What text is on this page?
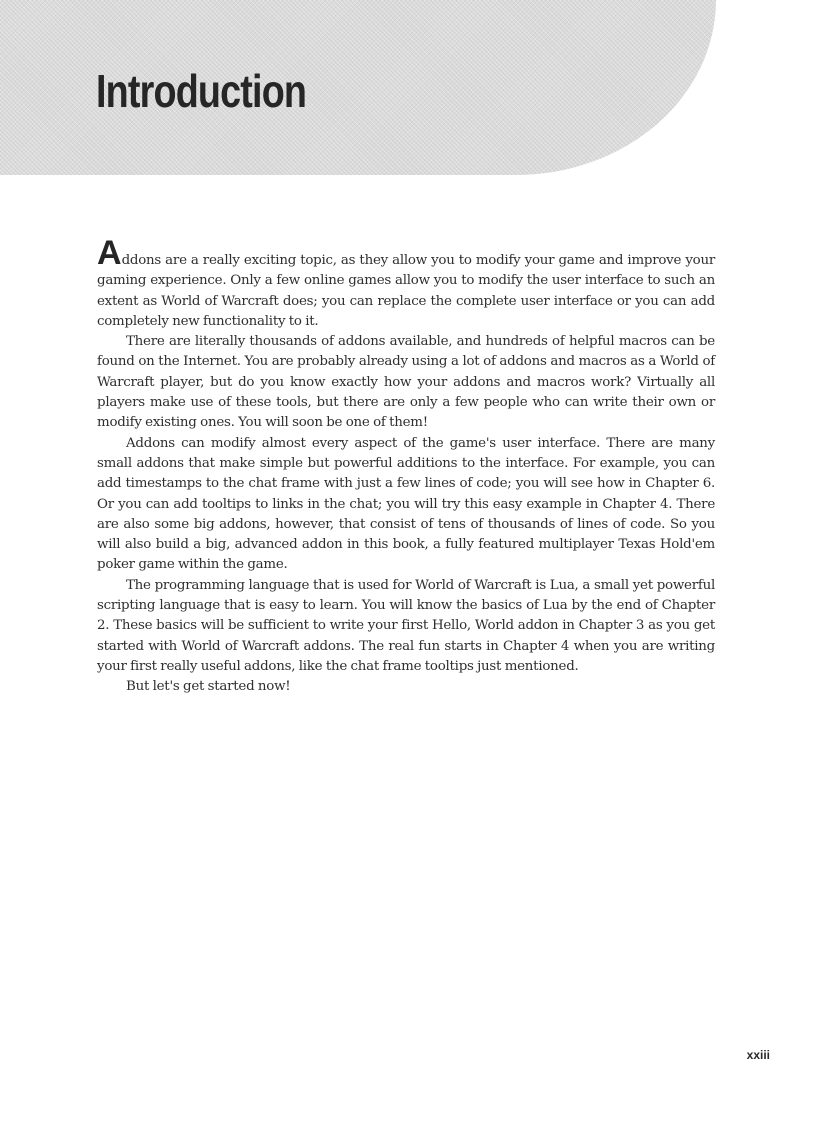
Introduction

Addons are a really exciting topic, as they allow you to modify your game and improve your gaming experience. Only a few online games allow you to modify the user interface to such an extent as World of Warcraft does; you can replace the complete user interface or you can add completely new functionality to it.

There are literally thousands of addons available, and hundreds of helpful macros can be found on the Internet. You are probably already using a lot of addons and macros as a World of Warcraft player, but do you know exactly how your addons and macros work? Virtually all players make use of these tools, but there are only a few people who can write their own or modify existing ones. You will soon be one of them!

Addons can modify almost every aspect of the game's user interface. There are many small addons that make simple but powerful additions to the interface. For example, you can add timestamps to the chat frame with just a few lines of code; you will see how in Chapter 6. Or you can add tooltips to links in the chat; you will try this easy example in Chapter 4. There are also some big addons, however, that consist of tens of thousands of lines of code. So you will also build a big, advanced addon in this book, a fully featured multiplayer Texas Hold'em poker game within the game.

The programming language that is used for World of Warcraft is Lua, a small yet powerful scripting language that is easy to learn. You will know the basics of Lua by the end of Chapter 2. These basics will be sufficient to write your first Hello, World addon in Chapter 3 as you get started with World of Warcraft addons. The real fun starts in Chapter 4 when you are writing your first really useful addons, like the chat frame tooltips just mentioned.

But let's get started now!

xxiii
